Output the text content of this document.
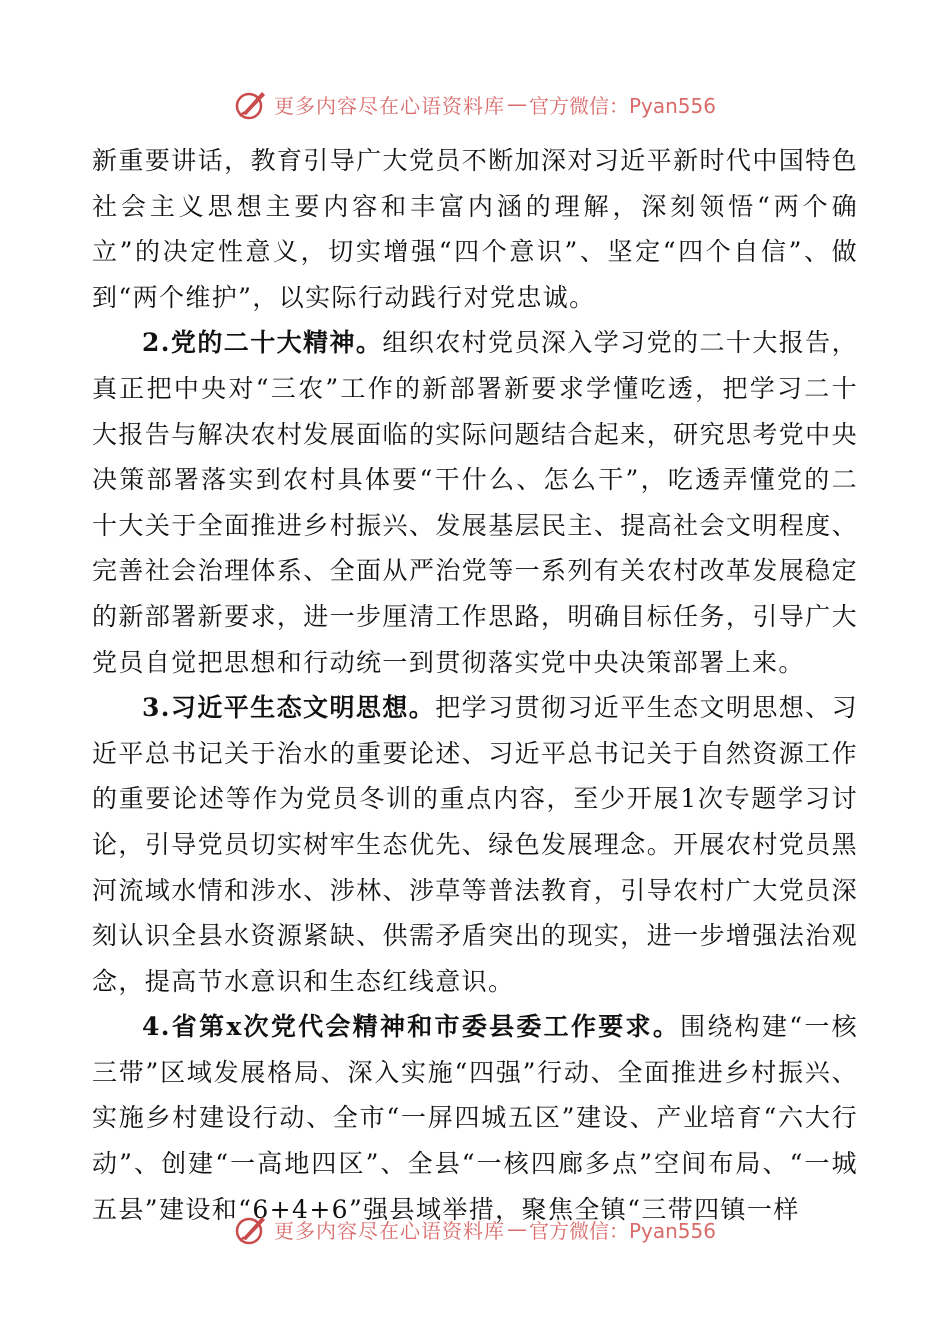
更多内容尽在心语资料库 — 官方微信：Pyan556

新重要讲话，教育引导广大党员不断加深对习近平新时代中国特色社会主义思想主要内容和丰富内涵的理解，深刻领悟“两个确立”的决定性意义，切实增强“四个意识”、坚定“四个自信”、做到“两个维护”，以实际行动践行对党忠诚。

2.党的二十大精神。组织农村党员深入学习党的二十大报告，真正把中央对“三农”工作的新部署新要求学懂吃透，把学习二十大报告与解决农村发展面临的实际问题结合起来，研究思考党中央决策部署落实到农村具体要“干什么、怎么干”，吃透弄懂党的二十大关于全面推进乡村振兴、发展基层民主、提高社会文明程度、完善社会治理体系、全面从严治党等一系列有关农村改革发展稳定的新部署新要求，进一步厘清工作思路，明确目标任务，引导广大党员自觉把思想和行动统一到贯彻落实党中央决策部署上来。

3.习近平生态文明思想。把学习贯彻习近平生态文明思想、习近平总书记关于治水的重要论述、习近平总书记关于自然资源工作的重要论述等作为党员冬训的重点内容，至少开展1次专题学习讨论，引导党员切实树牢生态优先、绿色发展理念。开展农村党员黑河流域水情和涉水、涉林、涉草等普法教育，引导农村广大党员深刻认识全县水资源紧缺、供需矛盾突出的现实，进一步增强法治观念，提高节水意识和生态红线意识。

4.省第x次党代会精神和市委县委工作要求。围绕构建“一核三带”区域发展格局、深入实施“四强”行动、全面推进乡村振兴、实施乡村建设行动、全市“一屏四城五区”建设、产业培育“六大行动”、创建“一高地四区”、全县“一核四廊多点”空间布局、“一城五县”建设和“6+4+6”强县域举措，聚焦全镇“三带四镇一样

更多内容尽在心语资料库 — 官方微信：Pyan556
